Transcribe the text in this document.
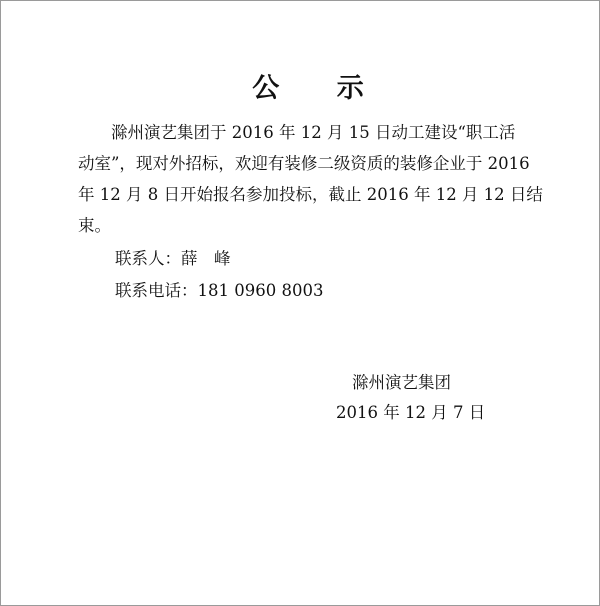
公 示
　　滁州演艺集团于 2016 年 12 月 15 日动工建设“职工活
动室”，现对外招标，欢迎有装修二级资质的装修企业于 2016
年 12 月 8 日开始报名参加投标，截止 2016 年 12 月 12 日结
束。
联系人：薛　峰
联系电话：181 0960 8003
滁州演艺集团
2016 年 12 月 7 日
